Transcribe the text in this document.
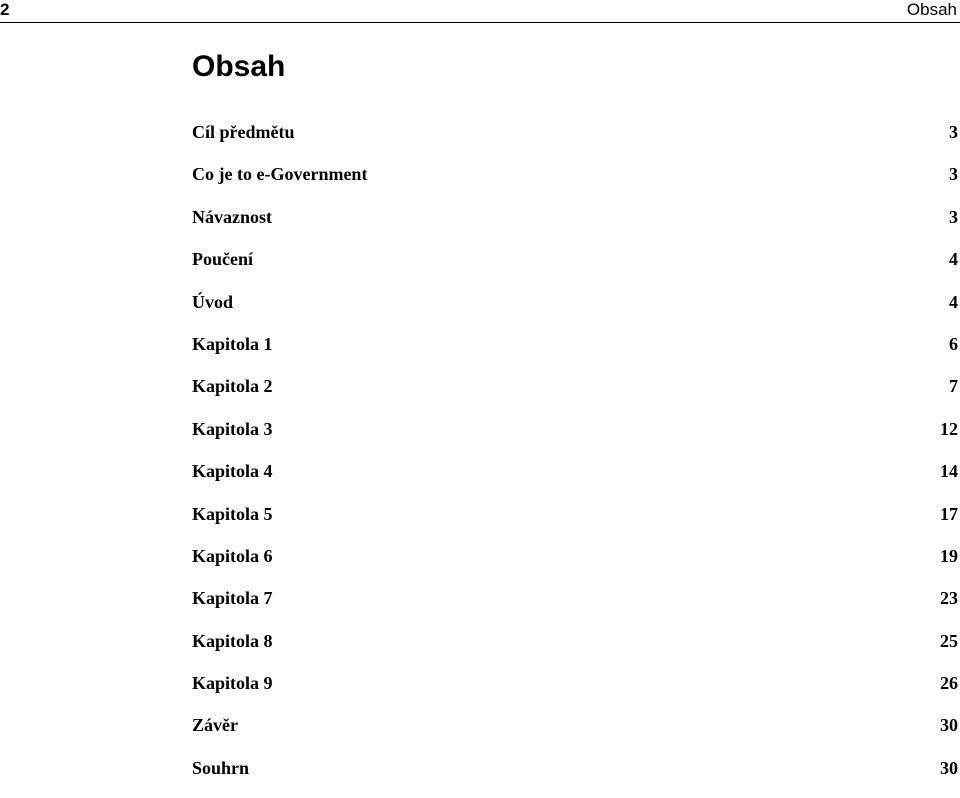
2	Obsah
Obsah
Cíl předmětu	3
Co je to e-Government	3
Návaznost	3
Poučení	4
Úvod	4
Kapitola 1	6
Kapitola 2	7
Kapitola 3	12
Kapitola 4	14
Kapitola 5	17
Kapitola 6	19
Kapitola 7	23
Kapitola 8	25
Kapitola 9	26
Závěr	30
Souhrn	30
